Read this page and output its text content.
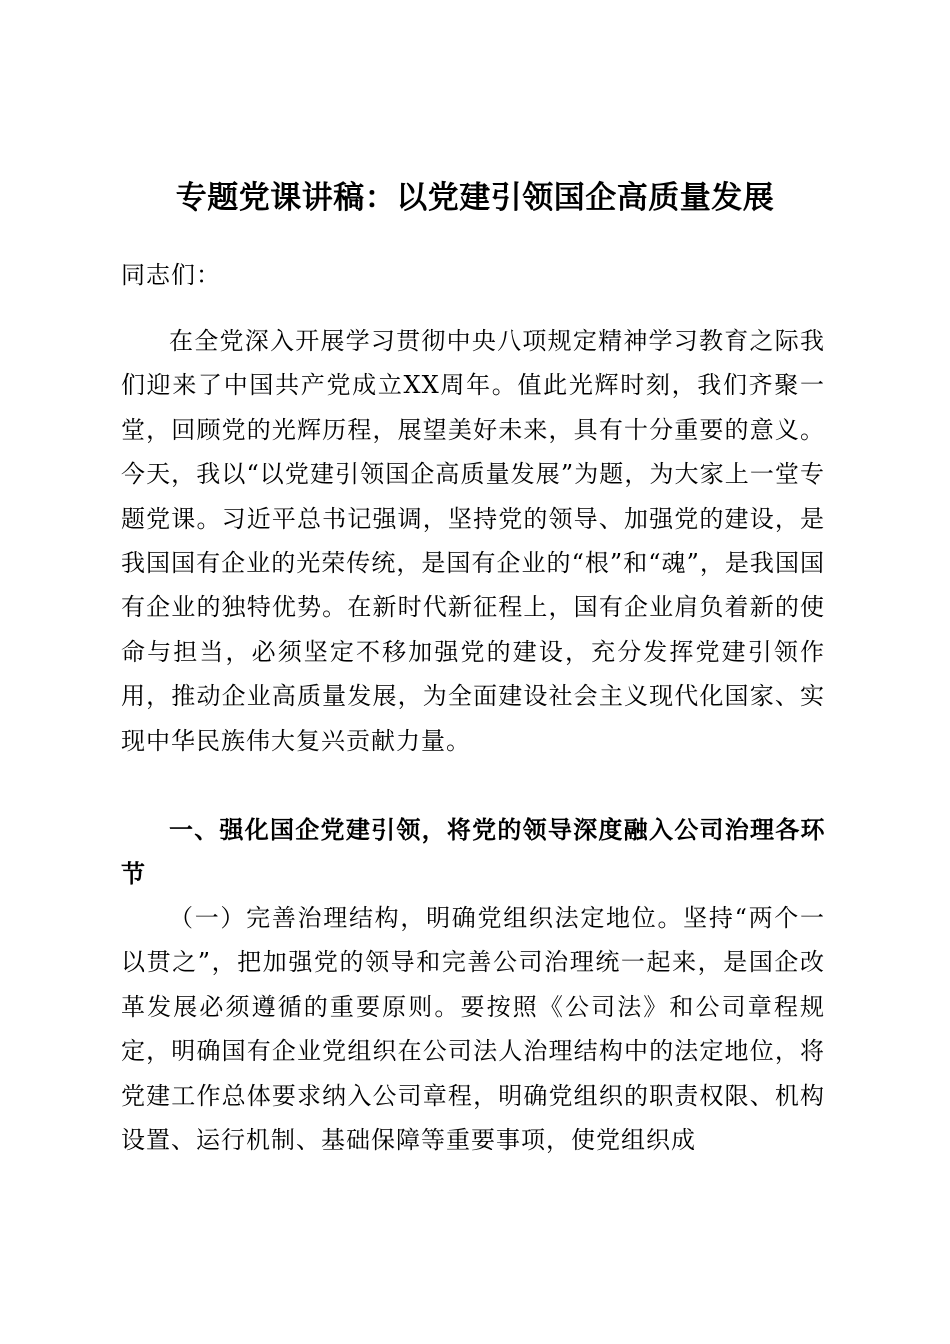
专题党课讲稿：以党建引领国企高质量发展
同志们：
在全党深入开展学习贯彻中央八项规定精神学习教育之际我们迎来了中国共产党成立XX周年。值此光辉时刻，我们齐聚一堂，回顾党的光辉历程，展望美好未来，具有十分重要的意义。今天，我以“以党建引领国企高质量发展”为题，为大家上一堂专题党课。习近平总书记强调，坚持党的领导、加强党的建设，是我国国有企业的光荣传统，是国有企业的“根”和“魂”，是我国国有企业的独特优势。在新时代新征程上，国有企业肩负着新的使命与担当，必须坚定不移加强党的建设，充分发挥党建引领作用，推动企业高质量发展，为全面建设社会主义现代化国家、实现中华民族伟大复兴贡献力量。
一、强化国企党建引领，将党的领导深度融入公司治理各环节
（一）完善治理结构，明确党组织法定地位。坚持“两个一以贯之”，把加强党的领导和完善公司治理统一起来，是国企改革发展必须遵循的重要原则。要按照《公司法》和公司章程规定，明确国有企业党组织在公司法人治理结构中的法定地位，将党建工作总体要求纳入公司章程，明确党组织的职责权限、机构设置、运行机制、基础保障等重要事项，使党组织成
